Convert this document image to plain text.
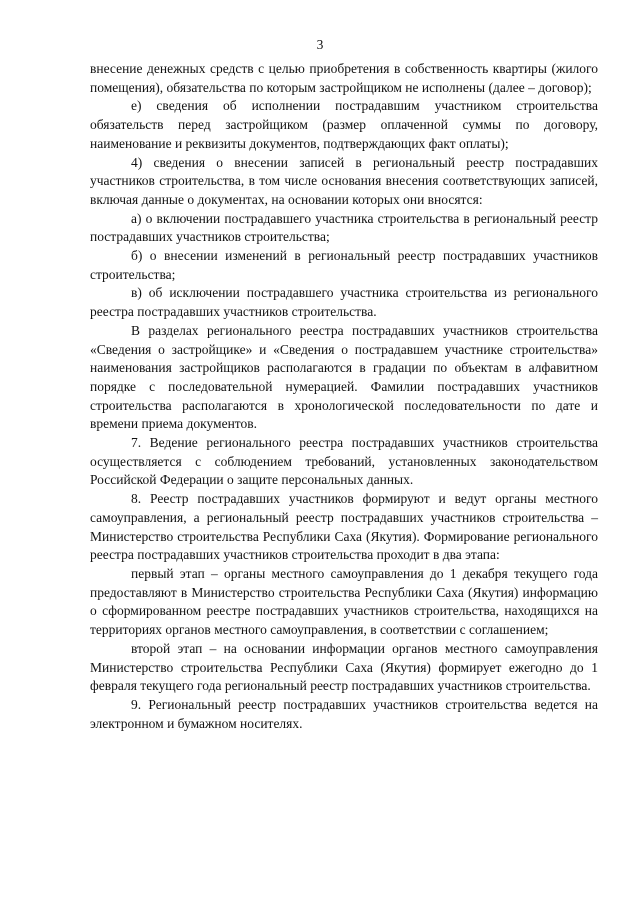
3

внесение денежных средств с целью приобретения в собственность квартиры (жилого помещения), обязательства по которым застройщиком не исполнены (далее – договор);

е) сведения об исполнении пострадавшим участником строительства обязательств перед застройщиком (размер оплаченной суммы по договору, наименование и реквизиты документов, подтверждающих факт оплаты);

4) сведения о внесении записей в региональный реестр пострадавших участников строительства, в том числе основания внесения соответствующих записей, включая данные о документах, на основании которых они вносятся:

а) о включении пострадавшего участника строительства в региональный реестр пострадавших участников строительства;

б) о внесении изменений в региональный реестр пострадавших участников строительства;

в) об исключении пострадавшего участника строительства из регионального реестра пострадавших участников строительства.

В разделах регионального реестра пострадавших участников строительства «Сведения о застройщике» и «Сведения о пострадавшем участнике строительства» наименования застройщиков располагаются в градации по объектам в алфавитном порядке с последовательной нумерацией. Фамилии пострадавших участников строительства располагаются в хронологической последовательности по дате и времени приема документов.

7. Ведение регионального реестра пострадавших участников строительства осуществляется с соблюдением требований, установленных законодательством Российской Федерации о защите персональных данных.

8. Реестр пострадавших участников формируют и ведут органы местного самоуправления, а региональный реестр пострадавших участников строительства – Министерство строительства Республики Саха (Якутия). Формирование регионального реестра пострадавших участников строительства проходит в два этапа:

первый этап – органы местного самоуправления до 1 декабря текущего года предоставляют в Министерство строительства Республики Саха (Якутия) информацию о сформированном реестре пострадавших участников строительства, находящихся на территориях органов местного самоуправления, в соответствии с соглашением;

второй этап – на основании информации органов местного самоуправления Министерство строительства Республики Саха (Якутия) формирует ежегодно до 1 февраля текущего года региональный реестр пострадавших участников строительства.

9. Региональный реестр пострадавших участников строительства ведется на электронном и бумажном носителях.
